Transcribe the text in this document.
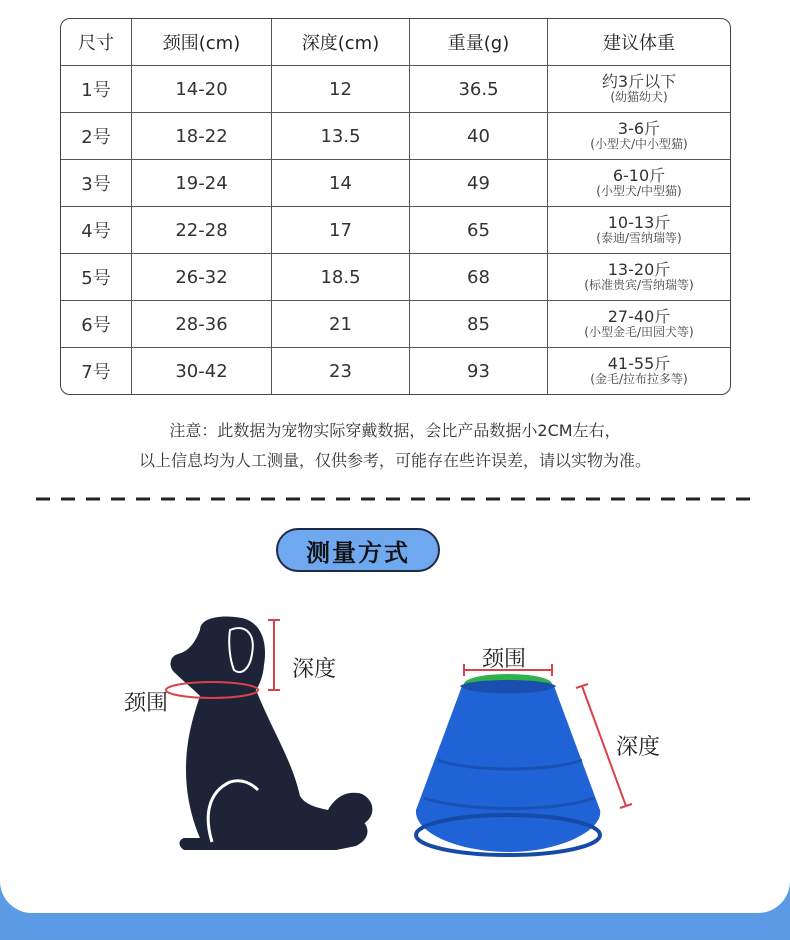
尺寸	颈围(cm)	深度(cm)	重量(g)	建议体重
1号	14-20	12	36.5	约3斤以下
(幼猫幼犬)

2号	18-22	13.5	40	3-6斤
(小型犬/中小型猫)

3号	19-24	14	49	6-10斤
(小型犬/中型猫)

4号	22-28	17	65	10-13斤
(泰迪/雪纳瑞等)

5号	26-32	18.5	68	13-20斤
(标准贵宾/雪纳瑞等)

6号	28-36	21	85	27-40斤
(小型金毛/田园犬等)

7号	30-42	23	93	41-55斤
(金毛/拉布拉多等)
注意：此数据为宠物实际穿戴数据，会比产品数据小2CM左右，
以上信息均为人工测量，仅供参考，可能存在些许误差，请以实物为准。
测量方式
颈围
深度	颈围
深度
